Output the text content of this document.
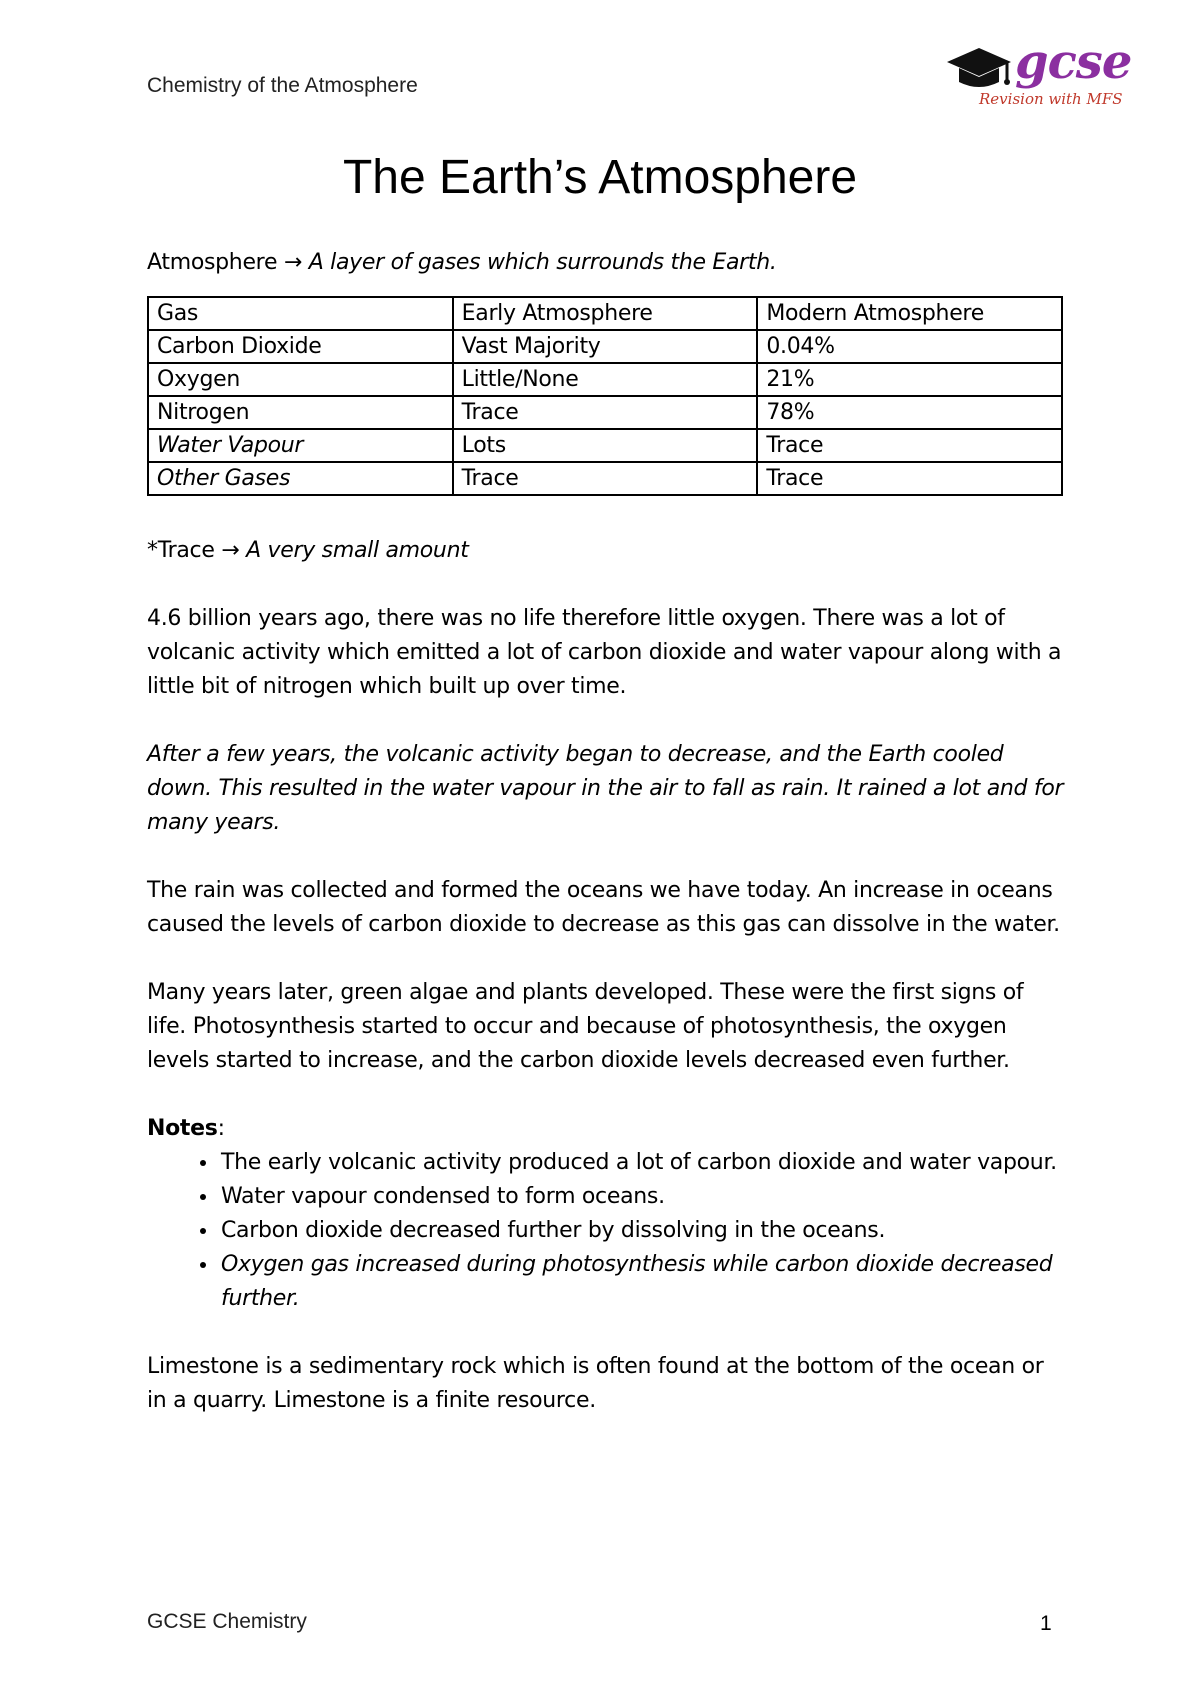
Chemistry of the Atmosphere	gcse
Revision with MFS
The Earth’s Atmosphere

Atmosphere → A layer of gases which surrounds the Earth.

Gas	Early Atmosphere	Modern Atmosphere
Carbon Dioxide	Vast Majority	0.04%
Oxygen	Little/None	21%
Nitrogen	Trace	78%
Water Vapour	Lots	Trace
Other Gases	Trace	Trace

*Trace → A very small amount

4.6 billion years ago, there was no life therefore little oxygen. There was a lot of volcanic activity which emitted a lot of carbon dioxide and water vapour along with a little bit of nitrogen which built up over time.

After a few years, the volcanic activity began to decrease, and the Earth cooled down. This resulted in the water vapour in the air to fall as rain. It rained a lot and for many years.

The rain was collected and formed the oceans we have today. An increase in oceans caused the levels of carbon dioxide to decrease as this gas can dissolve in the water.

Many years later, green algae and plants developed. These were the first signs of life. Photosynthesis started to occur and because of photosynthesis, the oxygen levels started to increase, and the carbon dioxide levels decreased even further.

Notes:

• The early volcanic activity produced a lot of carbon dioxide and water vapour.
• Water vapour condensed to form oceans.
• Carbon dioxide decreased further by dissolving in the oceans.
• Oxygen gas increased during photosynthesis while carbon dioxide decreased further.

Limestone is a sedimentary rock which is often found at the bottom of the ocean or in a quarry. Limestone is a finite resource.

GCSE Chemistry	1
